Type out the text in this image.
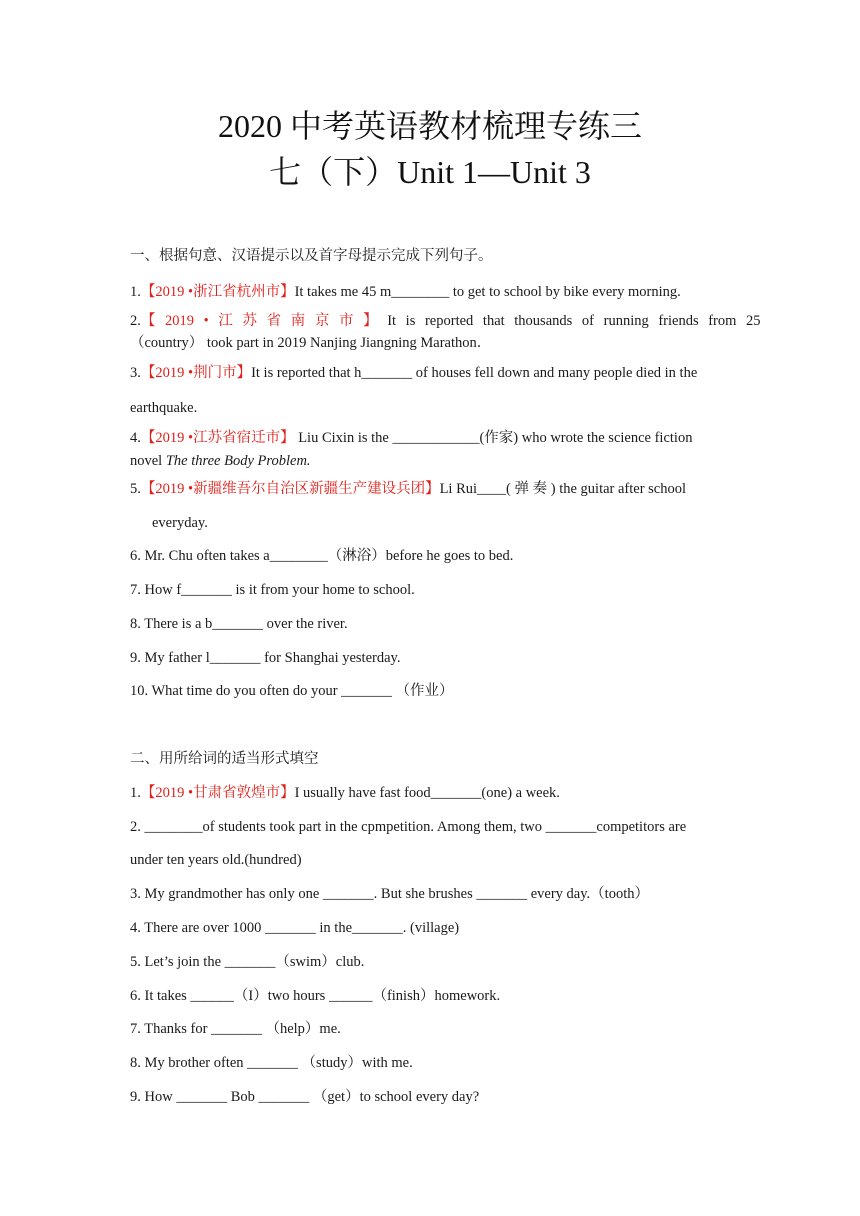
2020 中考英语教材梳理专练三
七（下）Unit 1—Unit 3
一、根据句意、汉语提示以及首字母提示完成下列句子。
1.【2019 •浙江省杭州市】It takes me 45 m________ to get to school by bike every morning.
2.【 2019 • 江 苏 省 南 京 市 】 It is reported that thousands of running friends from 25
（country） took part in 2019 Nanjing Jiangning Marathon．
3.【2019 •荆门市】It is reported that h_______ of houses fell down and many people died in the
earthquake.
4.【2019 •江苏省宿迁市】 Liu Cixin is the ____________(作家) who wrote the science fiction
novel The three Body Problem.
5.【2019 •新疆维吾尔自治区新疆生产建设兵团】Li Rui____( 弹 奏 ) the guitar after school
everyday.
6. Mr. Chu often takes a________（淋浴）before he goes to bed.
7. How f_______ is it from your home to school.
8. There is a b_______ over the river.
9. My father l_______ for Shanghai yesterday.
10. What time do you often do your _______ （作业）
二、用所给词的适当形式填空
1.【2019 •甘肃省敦煌市】I usually have fast food_______(one) a week.
2. ________of students took part in the cpmpetition. Among them, two _______competitors are
under ten years old.(hundred)
3. My grandmother has only one _______. But she brushes _______ every day.（tooth）
4. There are over 1000 _______ in the_______. (village)
5. Let’s join the _______（swim）club.
6. It takes ______（I）two hours ______（finish）homework.
7. Thanks for _______ （help）me.
8. My brother often _______ （study）with me.
9. How _______ Bob _______ （get）to school every day?
